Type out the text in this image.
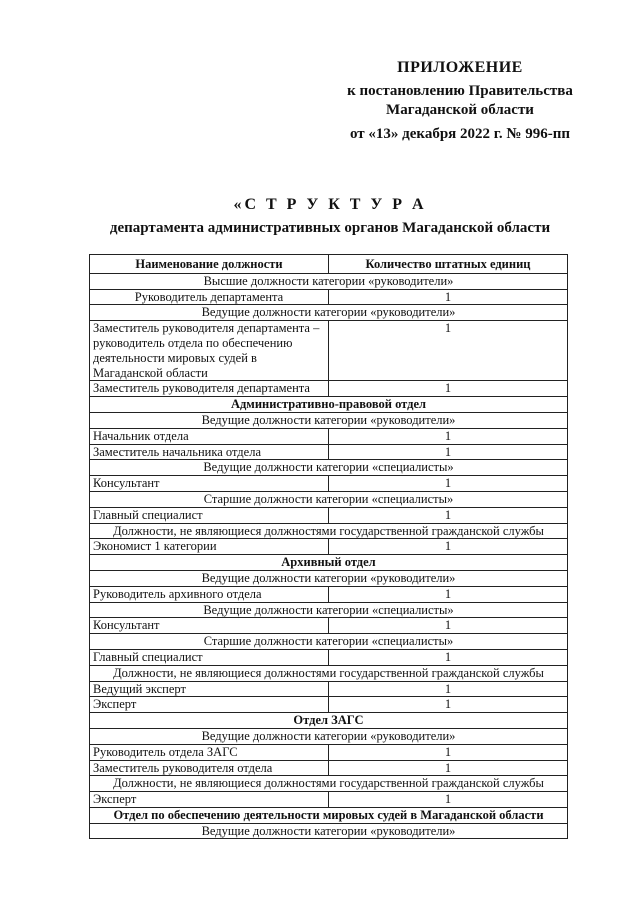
ПРИЛОЖЕНИЕ
к постановлению Правительства
Магаданской области
от «13» декабря 2022 г. № 996-пп
«С Т Р У К Т У Р А
департамента административных органов Магаданской области
Наименование должности	Количество штатных единиц
Высшие должности категории «руководители»	
Руководитель департамента	1
Ведущие должности категории «руководители»	
Заместитель руководителя департамента – руководитель отдела по обеспечению деятельности мировых судей в Магаданской области	1
Заместитель руководителя департамента	1
Административно-правовой отдел	
Ведущие должности категории «руководители»	
Начальник отдела	1
Заместитель начальника отдела	1
Ведущие должности категории «специалисты»	
Консультант	1
Старшие должности категории «специалисты»	
Главный специалист	1
Должности, не являющиеся должностями государственной гражданской службы	
Экономист 1 категории	1
Архивный отдел	
Ведущие должности категории «руководители»	
Руководитель архивного отдела	1
Ведущие должности категории «специалисты»	
Консультант	1
Старшие должности категории «специалисты»	
Главный специалист	1
Должности, не являющиеся должностями государственной гражданской службы	
Ведущий эксперт	1
Эксперт	1
Отдел ЗАГС	
Ведущие должности категории «руководители»	
Руководитель отдела ЗАГС	1
Заместитель руководителя отдела	1
Должности, не являющиеся должностями государственной гражданской службы	
Эксперт	1
Отдел по обеспечению деятельности мировых судей в Магаданской области	
Ведущие должности категории «руководители»	
